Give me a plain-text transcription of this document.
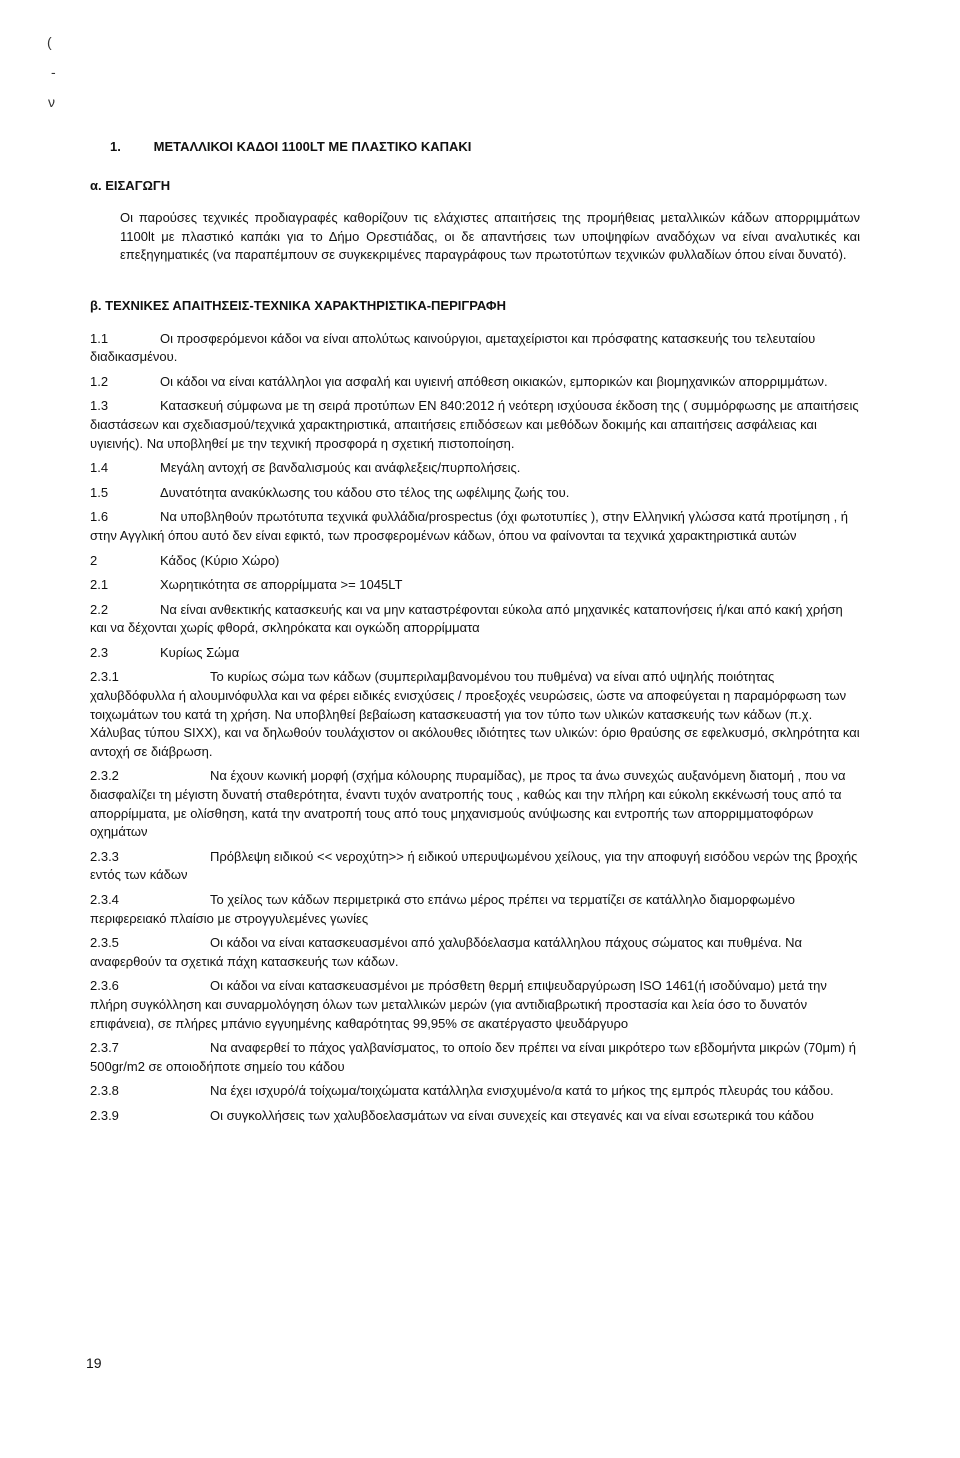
(
-
ν
1.	ΜΕΤΑΛΛΙΚΟΙ ΚΑΔΟΙ 1100LT ΜΕ ΠΛΑΣΤΙΚΟ ΚΑΠΑΚΙ
α. ΕΙΣΑΓΩΓΗ
Οι παρούσες τεχνικές προδιαγραφές καθορίζουν τις ελάχιστες απαιτήσεις της προμήθειας μεταλλικών κάδων απορριμμάτων 1100lt με πλαστικό καπάκι για το Δήμο Ορεστιάδας, οι δε απαντήσεις των υποψηφίων αναδόχων να είναι αναλυτικές και επεξηγηματικές (να παραπέμπουν σε συγκεκριμένες παραγράφους των πρωτοτύπων τεχνικών φυλλαδίων όπου είναι δυνατό).
β. ΤΕΧΝΙΚΕΣ ΑΠΑΙΤΗΣΕΙΣ-ΤΕΧΝΙΚΑ ΧΑΡΑΚΤΗΡΙΣΤΙΚΑ-ΠΕΡΙΓΡΑΦΗ
1.1	Οι προσφερόμενοι κάδοι να είναι απολύτως καινούργιοι, αμεταχείριστοι και πρόσφατης κατασκευής του τελευταίου διαδικασμένου.
1.2	Οι κάδοι να είναι κατάλληλοι για ασφαλή και υγιεινή απόθεση οικιακών, εμπορικών και βιομηχανικών απορριμμάτων.
1.3	Κατασκευή σύμφωνα με τη σειρά προτύπων EN 840:2012 ή νεότερη ισχύουσα έκδοση της ( συμμόρφωσης με απαιτήσεις διαστάσεων και σχεδιασμού/τεχνικά χαρακτηριστικά, απαιτήσεις επιδόσεων και μεθόδων δοκιμής και απαιτήσεις ασφάλειας και υγιεινής). Να υποβληθεί με την τεχνική προσφορά η σχετική πιστοποίηση.
1.4	Μεγάλη αντοχή σε βανδαλισμούς και ανάφλεξεις/πυρπολήσεις.
1.5	Δυνατότητα ανακύκλωσης του κάδου στο τέλος της ωφέλιμης ζωής του.
1.6	Να υποβληθούν πρωτότυπα τεχνικά φυλλάδια/prospectus (όχι φωτοτυπίες ), στην Ελληνική γλώσσα κατά προτίμηση , ή στην Αγγλική όπου αυτό δεν είναι εφικτό, των προσφερομένων κάδων, όπου να φαίνονται τα τεχνικά χαρακτηριστικά αυτών
2	Κάδος (Κύριο Χώρο)
2.1	Χωρητικότητα σε απορρίμματα >= 1045LT
2.2	Να είναι ανθεκτικής κατασκευής και να μην καταστρέφονται εύκολα από μηχανικές καταπονήσεις ή/και από κακή χρήση και να δέχονται χωρίς φθορά, σκληρόκατα και ογκώδη απορρίμματα
2.3	Κυρίως Σώμα
2.3.1	Το κυρίως σώμα των κάδων (συμπεριλαμβανομένου του πυθμένα) να είναι από υψηλής ποιότητας χαλυβδόφυλλα ή αλουμινόφυλλα και να φέρει ειδικές ενισχύσεις / προεξοχές νευρώσεις, ώστε να αποφεύγεται η παραμόρφωση των τοιχωμάτων του κατά τη χρήση. Να υποβληθεί βεβαίωση κατασκευαστή για τον τύπο των υλικών κατασκευής των κάδων (π.χ. Χάλυβας τύπου SIXX), και να δηλωθούν τουλάχιστον οι ακόλουθες ιδιότητες των υλικών: όριο θραύσης σε εφελκυσμό, σκληρότητα και αντοχή σε διάβρωση.
2.3.2	Να έχουν κωνική μορφή (σχήμα κόλουρης πυραμίδας), με προς τα άνω συνεχώς αυξανόμενη διατομή , που να διασφαλίζει τη μέγιστη δυνατή σταθερότητα, έναντι τυχόν ανατροπής τους , καθώς και την πλήρη και εύκολη εκκένωσή τους από τα απορρίμματα, με ολίσθηση, κατά την ανατροπή τους από τους μηχανισμούς ανύψωσης και εντροπής των απορριμματοφόρων οχημάτων
2.3.3	Πρόβλεψη ειδικού << νεροχύτη>> ή ειδικού υπερυψωμένου χείλους, για την αποφυγή εισόδου νερών της βροχής εντός των κάδων
2.3.4	Το χείλος των κάδων περιμετρικά στο επάνω μέρος πρέπει να τερματίζει σε κατάλληλο διαμορφωμένο περιφερειακό πλαίσιο με στρογγυλεμένες γωνίες
2.3.5	Οι κάδοι να είναι κατασκευασμένοι από χαλυβδόελασμα κατάλληλου πάχους σώματος και πυθμένα. Να αναφερθούν τα σχετικά πάχη κατασκευής των κάδων.
2.3.6	Οι κάδοι να είναι κατασκευασμένοι με πρόσθετη θερμή επιψευδαργύρωση ISO 1461(ή ισοδύναμο) μετά την πλήρη συγκόλληση και συναρμολόγηση όλων των μεταλλικών μερών (για αντιδιαβρωτική προστασία και λεία όσο το δυνατόν επιφάνεια), σε πλήρες μπάνιο εγγυημένης καθαρότητας 99,95% σε ακατέργαστο ψευδάργυρο
2.3.7	Να αναφερθεί το πάχος γαλβανίσματος, το οποίο δεν πρέπει να είναι μικρότερο των εβδομήντα μικρών (70μm) ή 500gr/m2 σε οποιοδήποτε σημείο του κάδου
2.3.8	Να έχει ισχυρό/ά τοίχωμα/τοιχώματα κατάλληλα ενισχυμένο/α κατά το μήκος της εμπρός πλευράς του κάδου.
2.3.9	Οι συγκολλήσεις των χαλυβδοελασμάτων να είναι συνεχείς και στεγανές και να είναι εσωτερικά του κάδου
19
